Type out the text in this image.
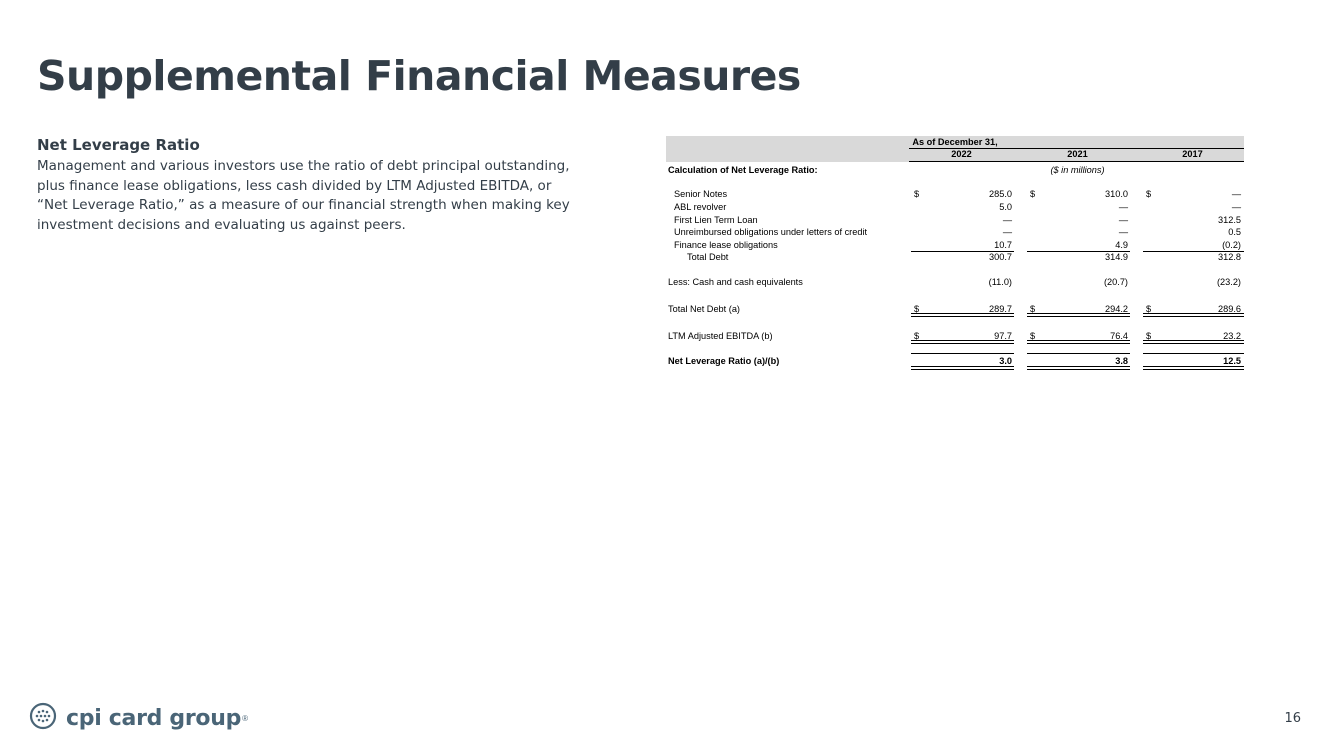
Supplemental Financial Measures

Net Leverage Ratio

Management and various investors use the ratio of debt principal outstanding, plus finance lease obligations, less cash divided by LTM Adjusted EBITDA, or “Net Leverage Ratio,” as a measure of our financial strength when making key investment decisions and evaluating us against peers.

As of December 31,
2022	2021	2017
Calculation of Net Leverage Ratio:	($ in millions)
Senior Notes	$	285.0 $	310.0 $	—
ABL revolver	5.0	—	—
First Lien Term Loan	—	—	312.5
Unreimbursed obligations under letters of credit	—	—	0.5
Finance lease obligations	10.7	4.9	(0.2)
Total Debt	300.7	314.9	312.8
Less: Cash and cash equivalents	(11.0)	(20.7)	(23.2)
Total Net Debt (a)	$	289.7 $	294.2 $	289.6
LTM Adjusted EBITDA (b)	$	97.7 $	76.4 $	23.2
Net Leverage Ratio (a)/(b)	3.0	3.8	12.5
cpi card group ®	16
